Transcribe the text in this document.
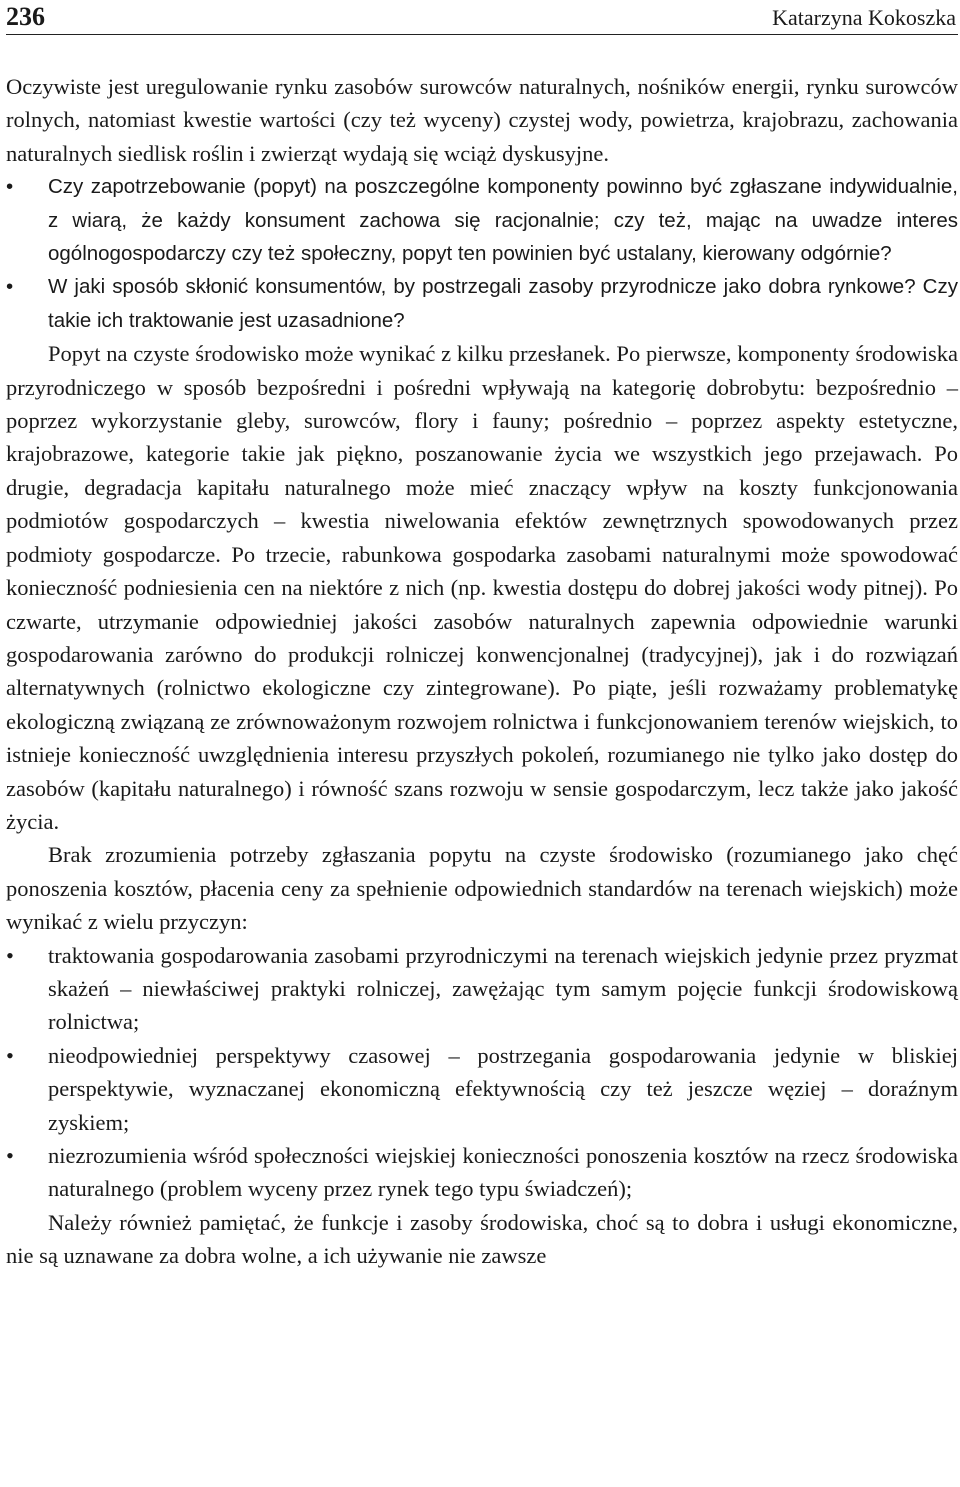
236	Katarzyna Kokoszka

Oczywiste jest uregulowanie rynku zasobów surowców naturalnych, nośników energii, rynku surowców rolnych, natomiast kwestie wartości (czy też wyceny) czystej wody, powietrza, krajobrazu, zachowania naturalnych siedlisk roślin i zwierząt wydają się wciąż dyskusyjne.

•	Czy zapotrzebowanie (popyt) na poszczególne komponenty powinno być zgłaszane indywidualnie, z wiarą, że każdy konsument zachowa się racjonalnie; czy też, mając na uwadze interes ogólnogospodarczy czy też społeczny, popyt ten powinien być ustalany, kierowany odgórnie?
•	W jaki sposób skłonić konsumentów, by postrzegali zasoby przyrodnicze jako dobra rynkowe? Czy takie ich traktowanie jest uzasadnione?

Popyt na czyste środowisko może wynikać z kilku przesłanek. Po pierwsze, komponenty środowiska przyrodniczego w sposób bezpośredni i pośredni wpływają na kategorię dobrobytu: bezpośrednio – poprzez wykorzystanie gleby, surowców, flory i fauny; pośrednio – poprzez aspekty estetyczne, krajobrazowe, kategorie takie jak piękno, poszanowanie życia we wszystkich jego przejawach. Po drugie, degradacja kapitału naturalnego może mieć znaczący wpływ na koszty funkcjonowania podmiotów gospodarczych – kwestia niwelowania efektów zewnętrznych spowodowanych przez podmioty gospodarcze. Po trzecie, rabunkowa gospodarka zasobami naturalnymi może spowodować konieczność podniesienia cen na niektóre z nich (np. kwestia dostępu do dobrej jakości wody pitnej). Po czwarte, utrzymanie odpowiedniej jakości zasobów naturalnych zapewnia odpowiednie warunki gospodarowania zarówno do produkcji rolniczej konwencjonalnej (tradycyjnej), jak i do rozwiązań alternatywnych (rolnictwo ekologiczne czy zintegrowane). Po piąte, jeśli rozważamy problematykę ekologiczną związaną ze zrównoważonym rozwojem rolnictwa i funkcjonowaniem terenów wiejskich, to istnieje konieczność uwzględnienia interesu przyszłych pokoleń, rozumianego nie tylko jako dostęp do zasobów (kapitału naturalnego) i równość szans rozwoju w sensie gospodarczym, lecz także jako jakość życia.

Brak zrozumienia potrzeby zgłaszania popytu na czyste środowisko (rozumianego jako chęć ponoszenia kosztów, płacenia ceny za spełnienie odpowiednich standardów na terenach wiejskich) może wynikać z wielu przyczyn:

•	traktowania gospodarowania zasobami przyrodniczymi na terenach wiejskich jedynie przez pryzmat skażeń – niewłaściwej praktyki rolniczej, zawężając tym samym pojęcie funkcji środowiskową rolnictwa;
•	nieodpowiedniej perspektywy czasowej – postrzegania gospodarowania jedynie w bliskiej perspektywie, wyznaczanej ekonomiczną efektywnością czy też jeszcze węziej – doraźnym zyskiem;
•	niezrozumienia wśród społeczności wiejskiej konieczności ponoszenia kosztów na rzecz środowiska naturalnego (problem wyceny przez rynek tego typu świadczeń);

Należy również pamiętać, że funkcje i zasoby środowiska, choć są to dobra i usługi ekonomiczne, nie są uznawane za dobra wolne, a ich używanie nie zawsze
